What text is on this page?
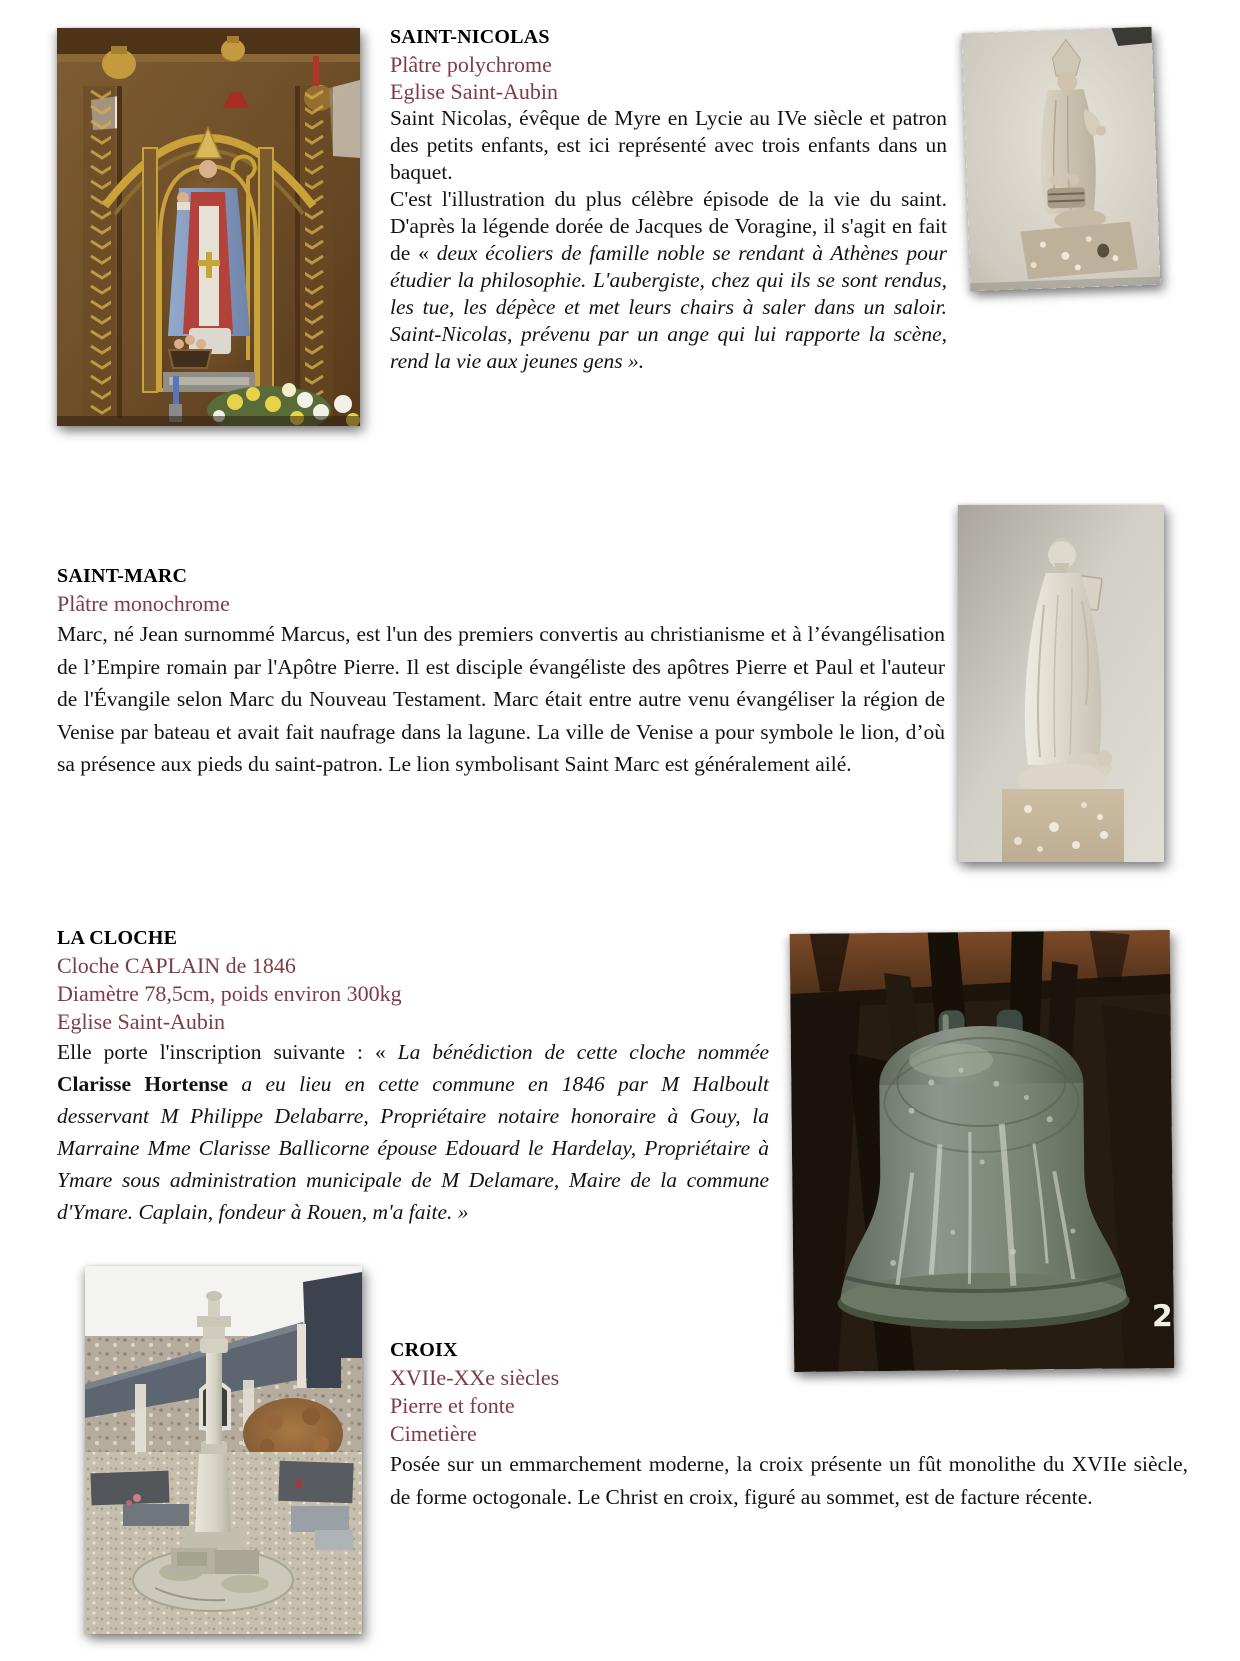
SAINT-NICOLAS

Plâtre polychrome

Eglise Saint-Aubin

Saint Nicolas, évêque de Myre en Lycie au IVe siècle et patron des petits enfants, est ici représenté avec trois enfants dans un baquet.

C'est l'illustration du plus célèbre épisode de la vie du saint. D'après la légende dorée de Jacques de Voragine, il s'agit en fait de « deux écoliers de famille noble se rendant à Athènes pour étudier la philosophie. L'aubergiste, chez qui ils se sont rendus, les tue, les dépèce et met leurs chairs à saler dans un saloir. Saint-Nicolas, prévenu par un ange qui lui rapporte la scène, rend la vie aux jeunes gens ».

SAINT-MARC

Plâtre monochrome

Marc, né Jean surnommé Marcus, est l'un des premiers convertis au christianisme et à l’évangélisation de l’Empire romain par l'Apôtre Pierre. Il est disciple évangéliste des apôtres Pierre et Paul et l'auteur de l'Évangile selon Marc du Nouveau Testament. Marc était entre autre venu évangéliser la région de Venise par bateau et avait fait naufrage dans la lagune. La ville de Venise a pour symbole le lion, d’où sa présence aux pieds du saint-patron. Le lion symbolisant Saint Marc est généralement ailé.

LA CLOCHE

Cloche CAPLAIN de 1846

Diamètre 78,5cm, poids environ 300kg

Eglise Saint-Aubin

Elle porte l'inscription suivante : « La bénédiction de cette cloche nommée Clarisse Hortense a eu lieu en cette commune en 1846 par M Halboult desservant M Philippe Delabarre, Propriétaire notaire honoraire à Gouy, la Marraine Mme Clarisse Ballicorne épouse Edouard le Hardelay, Propriétaire à Ymare sous administration municipale de M Delamare, Maire de la commune d'Ymare. Caplain, fondeur à Rouen, m'a faite. »

2

CROIX

XVIIe-XXe siècles

Pierre et fonte

Cimetière

Posée sur un emmarchement moderne, la croix présente un fût monolithe du XVIIe siècle, de forme octogonale. Le Christ en croix, figuré au sommet, est de facture récente.
